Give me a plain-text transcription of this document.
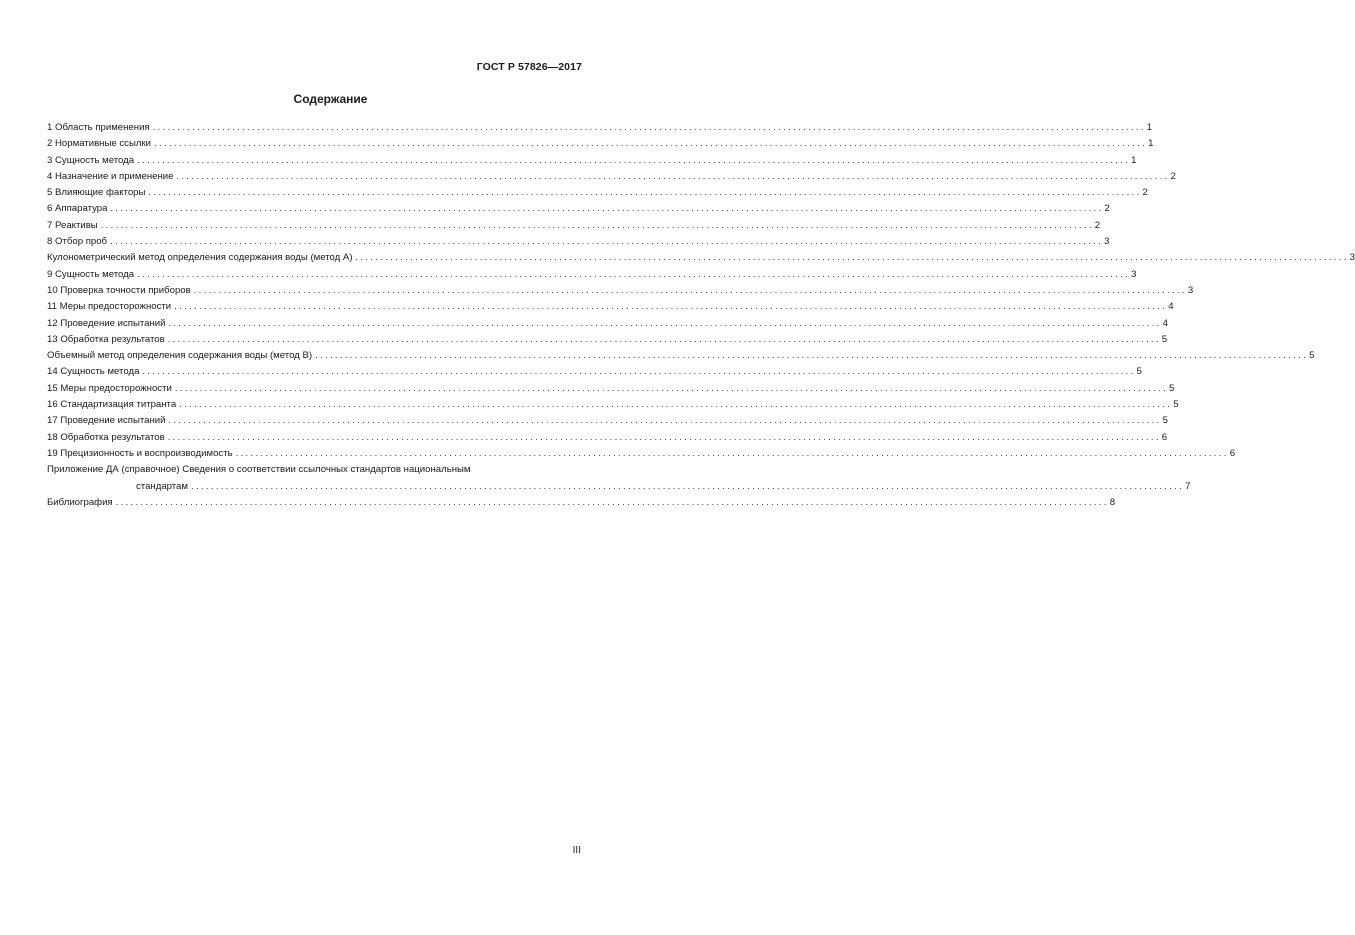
ГОСТ Р 57826—2017
Содержание
1 Область применения ........................................................................................................................................................................................................ 1
2 Нормативные ссылки ........................................................................................................................................................................................................ 1
3 Сущность метода ........................................................................................................................................................................................................ 1
4 Назначение и применение ........................................................................................................................................................................................................ 2
5 Влияющие факторы ........................................................................................................................................................................................................ 2
6 Аппаратура ........................................................................................................................................................................................................ 2
7 Реактивы ........................................................................................................................................................................................................ 2
8 Отбор проб ........................................................................................................................................................................................................ 3
Кулонометрический метод определения содержания воды (метод А) ........................................................................................................................................................................................................ 3
9 Сущность метода ........................................................................................................................................................................................................ 3
10 Проверка точности приборов ........................................................................................................................................................................................................ 3
11 Меры предосторожности ........................................................................................................................................................................................................ 4
12 Проведение испытаний ........................................................................................................................................................................................................ 4
13 Обработка результатов ........................................................................................................................................................................................................ 5
Объемный метод определения содержания воды (метод В) ........................................................................................................................................................................................................ 5
14 Сущность метода ........................................................................................................................................................................................................ 5
15 Меры предосторожности ........................................................................................................................................................................................................ 5
16 Стандартизация титранта ........................................................................................................................................................................................................ 5
17 Проведение испытаний ........................................................................................................................................................................................................ 5
18 Обработка результатов ........................................................................................................................................................................................................ 6
19 Прецизионность и воспроизводимость ........................................................................................................................................................................................................ 6
Приложение ДА (справочное) Сведения о соответствии ссылочных стандартов национальным
стандартам ........................................................................................................................................................................................................ 7
Библиография ........................................................................................................................................................................................................ 8
III
